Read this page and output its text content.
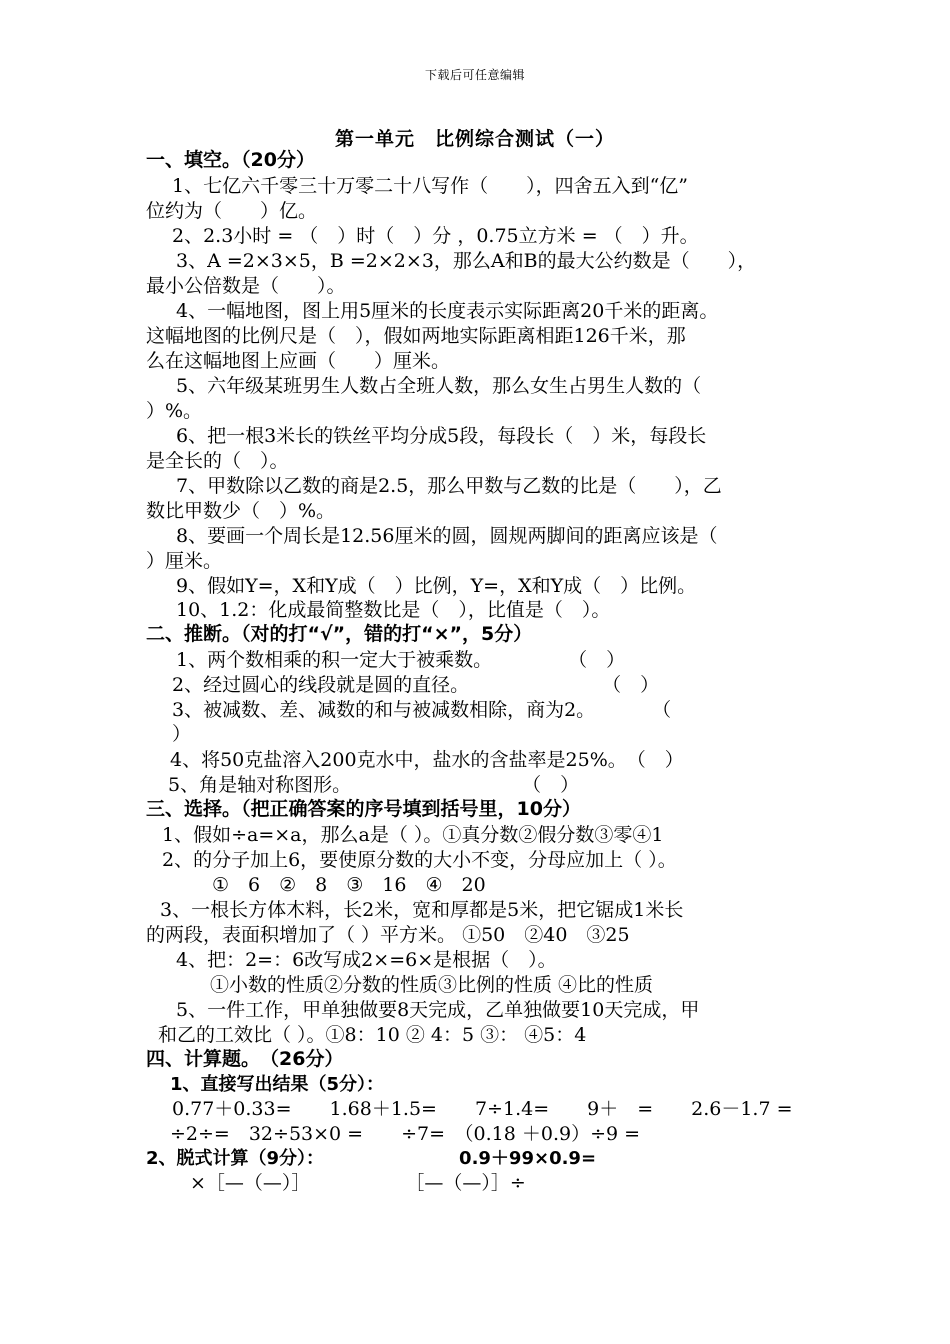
下载后可任意编辑
第一单元　比例综合测试（一）
一、填空。（20分）
1、七亿六千零三十万零二十八写作（　　），四舍五入到“亿”
位约为（　　）亿。
2、2.3小时 = （　）时（　）分 ，0.75立方米 = （　）升。
3、A =2×3×5，B =2×2×3，那么A和B的最大公约数是（　　），
最小公倍数是（　　）。
4、一幅地图，图上用5厘米的长度表示实际距离20千米的距离。
这幅地图的比例尺是（　），假如两地实际距离相距126千米，那
么在这幅地图上应画（　　）厘米。
5、六年级某班男生人数占全班人数，那么女生占男生人数的（
）%。
6、把一根3米长的铁丝平均分成5段，每段长（　）米，每段长
是全长的（　）。
7、甲数除以乙数的商是2.5，那么甲数与乙数的比是（　　），乙
数比甲数少（　）%。
8、要画一个周长是12.56厘米的圆，圆规两脚间的距离应该是（
）厘米。
9、假如Y=，X和Y成（　）比例，Y=，X和Y成（　）比例。
10、1.2：化成最简整数比是（　），比值是（　）。
二、推断。（对的打“√”，错的打“×”，5分）
1、两个数相乘的积一定大于被乘数。　　　　　（　）
2、经过圆心的线段就是圆的直径。　　　　　　　　（　）
3、被减数、差、减数的和与被减数相除，商为2。　　　　（
）
4、将50克盐溶入200克水中，盐水的含盐率是25%。　（　）
5、角是轴对称图形。　　　　　　　　　　（　）
三、选择。（把正确答案的序号填到括号里，10分）
1、假如÷a=×a，那么a是（ ）。①真分数②假分数③零④1
2、的分子加上6，要使原分数的大小不变，分母应加上（ ）。
①　6　②　8　③　16　④　20
3、一根长方体木料，长2米，宽和厚都是5米，把它锯成1米长
的两段，表面积增加了（ ）平方米。 ①50　②40　③25
4、把：2=：6改写成2×=6×是根据（　）。
①小数的性质②分数的性质③比例的性质 ④比的性质
5、一件工作，甲单独做要8天完成，乙单独做要10天完成，甲
和乙的工效比（ ）。①8：10 ② 4：5 ③： ④5：4
四、计算题。　（26分）
1、直接写出结果（5分）：
0.77＋0.33=　　1.68＋1.5=　　7÷1.4=　　9＋　=　　2.6－1.7 =
÷2÷=　32÷53×0 =　　÷7=　（0.18 ＋0.9）÷9 =
2、脱式计算（9分）：　　　　　　　　0.9＋99×0.9=
×［—（—）］　　　　　　［—（—）］÷
